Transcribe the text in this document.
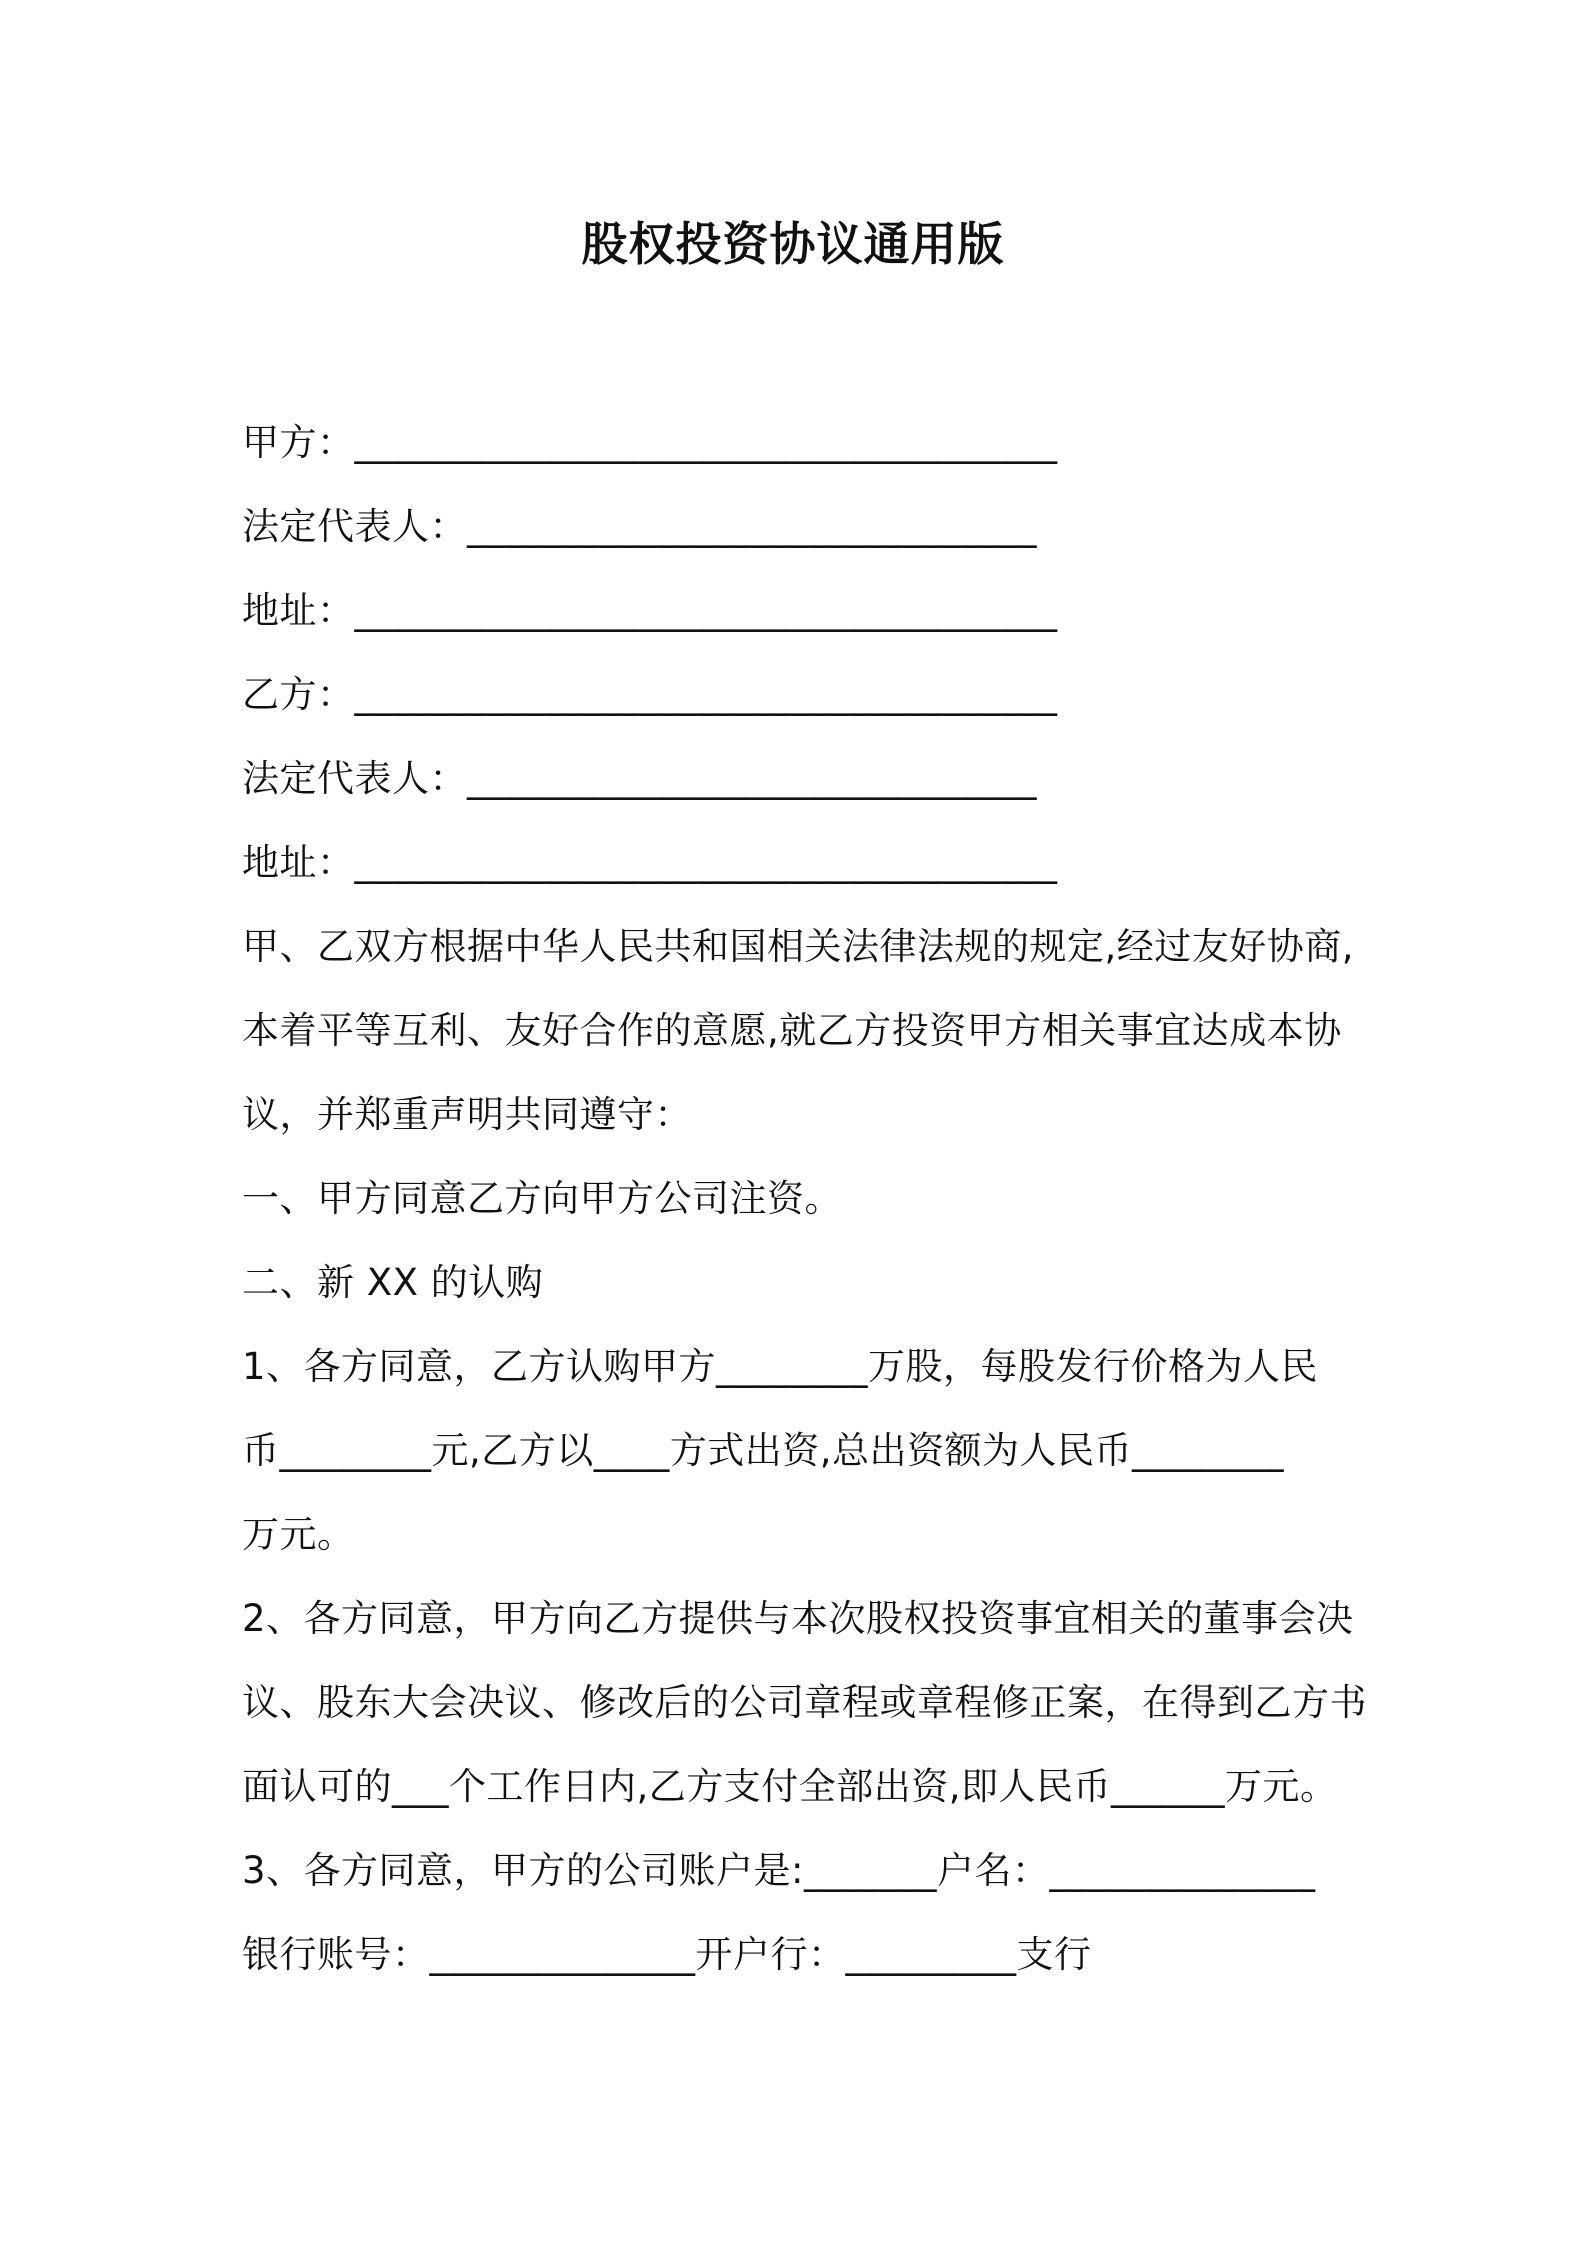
股权投资协议通用版
甲方：_____________________________________
法定代表人：______________________________
地址：_____________________________________
乙方：_____________________________________
法定代表人：______________________________
地址：_____________________________________
甲、乙双方根据中华人民共和国相关法律法规的规定,经过友好协商,
本着平等互利、友好合作的意愿,就乙方投资甲方相关事宜达成本协
议，并郑重声明共同遵守：
一、甲方同意乙方向甲方公司注资。
二、新 XX 的认购
1、各方同意，乙方认购甲方________万股，每股发行价格为人民
币________元,乙方以____方式出资,总出资额为人民币________
万元。
2、各方同意，甲方向乙方提供与本次股权投资事宜相关的董事会决
议、股东大会决议、修改后的公司章程或章程修正案，在得到乙方书
面认可的___个工作日内,乙方支付全部出资,即人民币______万元。
3、各方同意，甲方的公司账户是:_______户名：______________
银行账号：______________开户行：_________支行
